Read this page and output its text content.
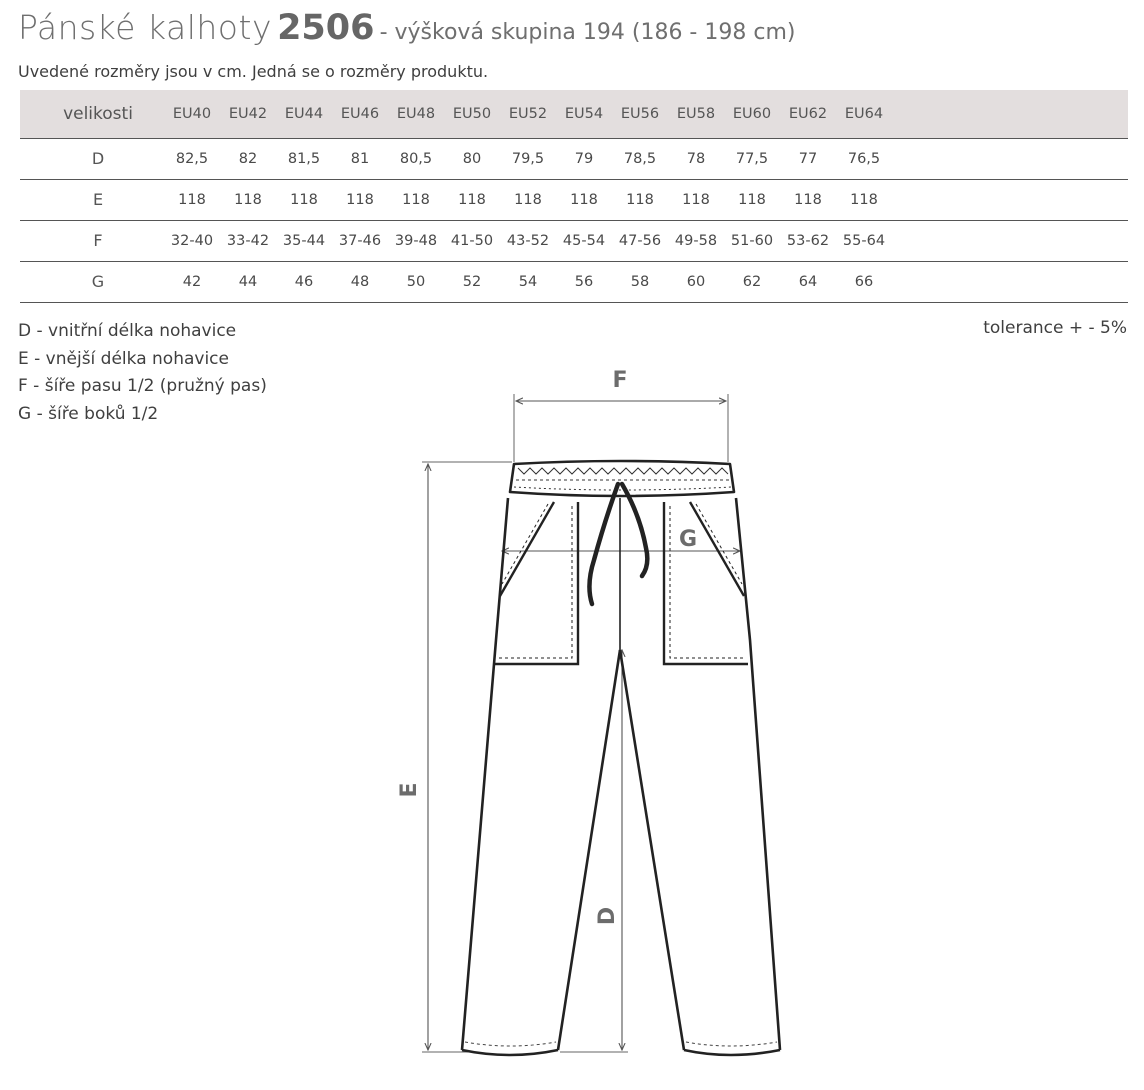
Pánské kalhoty 2506 - výšková skupina 194 (186 - 198 cm)
Uvedené rozměry jsou v cm. Jedná se o rozměry produktu.
velikosti	EU40	EU42	EU44	EU46	EU48	EU50	EU52	EU54	EU56	EU58	EU60	EU62	EU64	
D	82,5	82	81,5	81	80,5	80	79,5	79	78,5	78	77,5	77	76,5	
E	118	118	118	118	118	118	118	118	118	118	118	118	118	
F	32-40	33-42	35-44	37-46	39-48	41-50	43-52	45-54	47-56	49-58	51-60	53-62	55-64	
G	42	44	46	48	50	52	54	56	58	60	62	64	66	
D - vnitřní délka nohavice
E - vnější délka nohavice
F - šíře pasu 1/2 (pružný pas)
G - šíře boků 1/2
tolerance + - 5%
F
E
D
G
